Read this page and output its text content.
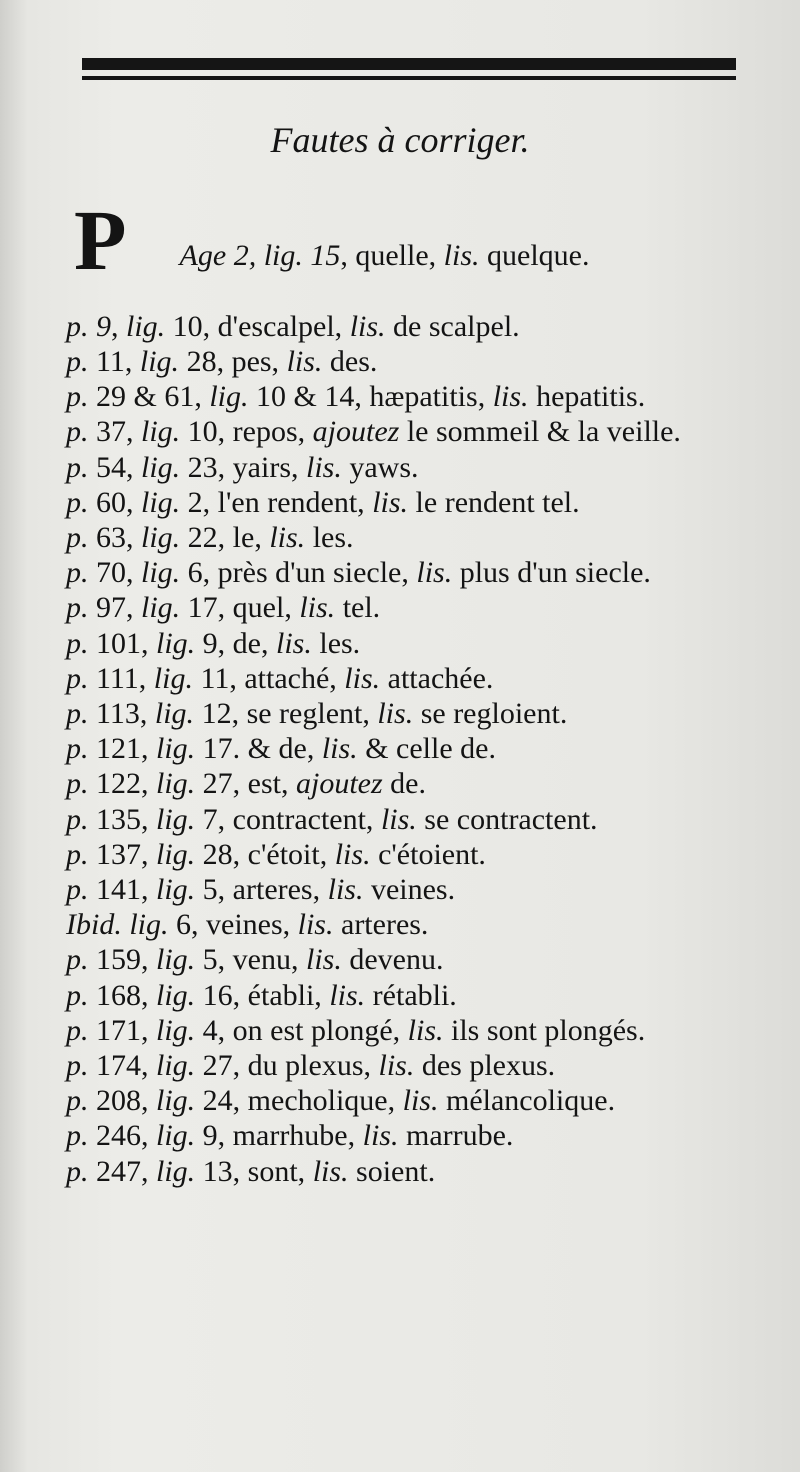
Fautes à corriger.

P Age 2, lig. 15, quelle, lis. quelque.

p. 9, lig. 10, d'escalpel, lis. de scalpel.
p. 11, lig. 28, pes, lis. des.
p. 29 & 61, lig. 10 & 14, hæpatitis, lis. hepatitis.
p. 37, lig. 10, repos, ajoutez le sommeil & la veille.
p. 54, lig. 23, yairs, lis. yaws.
p. 60, lig. 2, l'en rendent, lis. le rendent tel.
p. 63, lig. 22, le, lis. les.
p. 70, lig. 6, près d'un siecle, lis. plus d'un siecle.
p. 97, lig. 17, quel, lis. tel.
p. 101, lig. 9, de, lis. les.
p. 111, lig. 11, attaché, lis. attachée.
p. 113, lig. 12, se reglent, lis. se regloient.
p. 121, lig. 17. & de, lis. & celle de.
p. 122, lig. 27, est, ajoutez de.
p. 135, lig. 7, contractent, lis. se contractent.
p. 137, lig. 28, c'étoit, lis. c'étoient.
p. 141, lig. 5, arteres, lis. veines.
Ibid. lig. 6, veines, lis. arteres.
p. 159, lig. 5, venu, lis. devenu.
p. 168, lig. 16, établi, lis. rétabli.
p. 171, lig. 4, on est plongé, lis. ils sont plongés.
p. 174, lig. 27, du plexus, lis. des plexus.
p. 208, lig. 24, mecholique, lis. mélancolique.
p. 246, lig. 9, marrhube, lis. marrube.
p. 247, lig. 13, sont, lis. soient.
